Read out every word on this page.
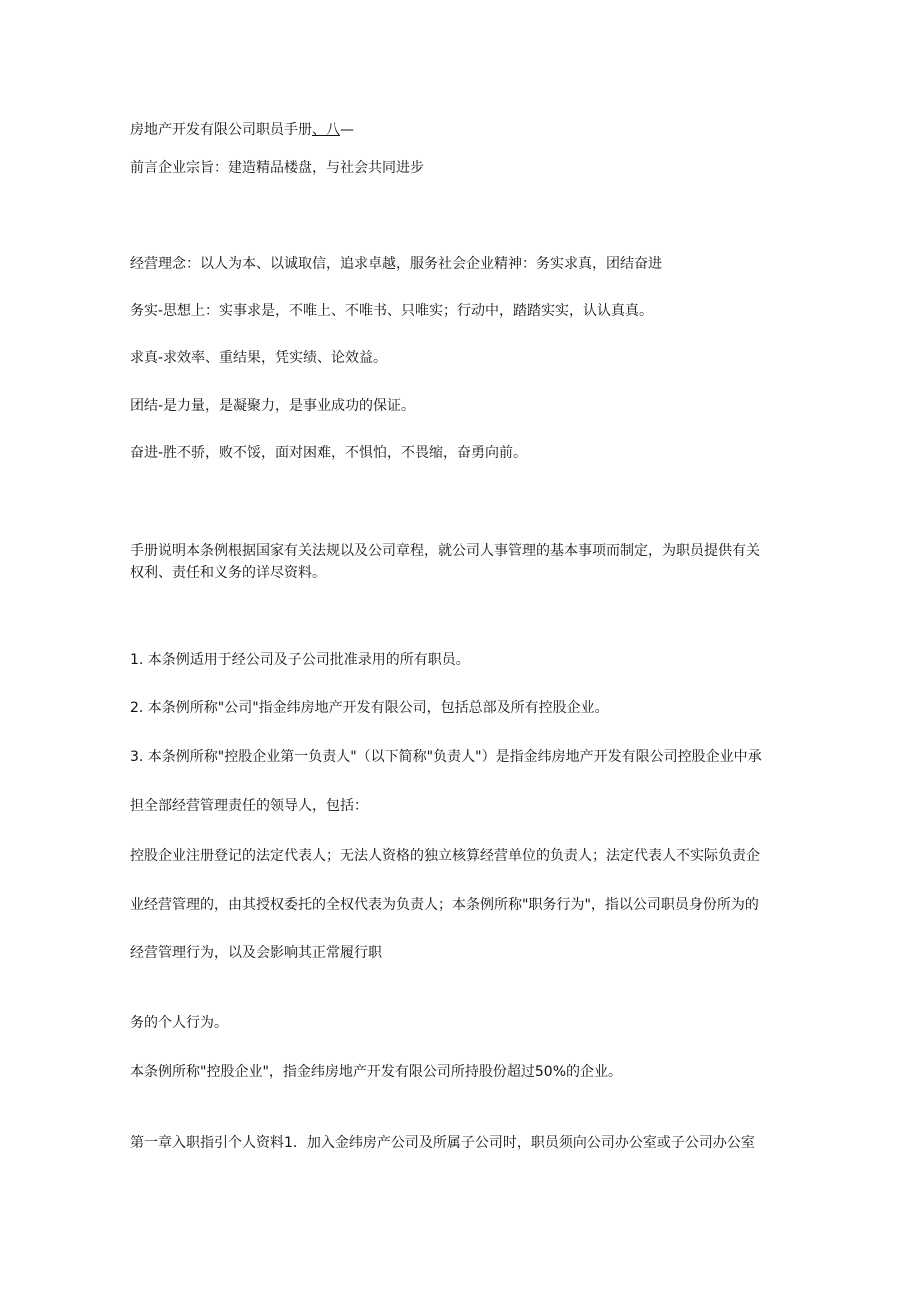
房地产开发有限公司职员手册、八—
前言企业宗旨：建造精品楼盘，与社会共同进步
经营理念：以人为本、以诚取信，追求卓越，服务社会企业精神：务实求真，团结奋进
务实-思想上：实事求是，不唯上、不唯书、只唯实；行动中，踏踏实实，认认真真。
求真-求效率、重结果，凭实绩、论效益。
团结-是力量，是凝聚力，是事业成功的保证。
奋进-胜不骄，败不馁，面对困难，不惧怕，不畏缩，奋勇向前。
手册说明本条例根据国家有关法规以及公司章程，就公司人事管理的基本事项而制定，为职员提供有关
权利、责任和义务的详尽资料。
1. 本条例适用于经公司及子公司批准录用的所有职员。
2. 本条例所称"公司"指金纬房地产开发有限公司，包括总部及所有控股企业。
3. 本条例所称"控股企业第一负责人"（以下简称"负责人"）是指金纬房地产开发有限公司控股企业中承
担全部经营管理责任的领导人，包括：
控股企业注册登记的法定代表人；无法人资格的独立核算经营单位的负责人；法定代表人不实际负责企
业经营管理的，由其授权委托的全权代表为负责人；本条例所称"职务行为"，指以公司职员身份所为的
经营管理行为，以及会影响其正常履行职
务的个人行为。
本条例所称"控股企业"，指金纬房地产开发有限公司所持股份超过50%的企业。
第一章入职指引个人资料1．加入金纬房产公司及所属子公司时，职员须向公司办公室或子公司办公室
